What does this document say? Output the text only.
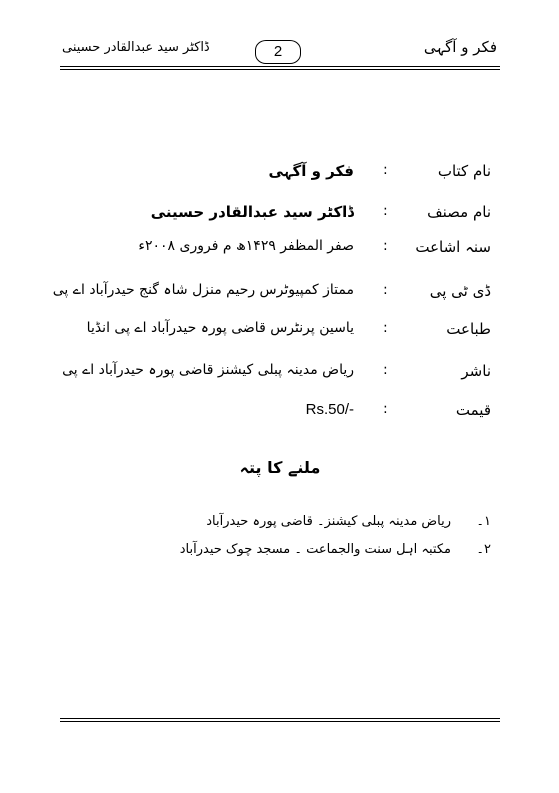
ڈاکٹر سید عبدالقادر حسینی	2	فکر و آگہی
نام کتاب
:
فکر و آگہی
نام مصنف
:
ڈاکٹر سید عبدالقادر حسینی
سنہ اشاعت
:
صفر المظفر ۱۴۲۹ھ م فروری ۲۰۰۸ء
ڈی ٹی پی
:
ممتاز کمپیوٹرس رحیم منزل شاہ گنج حیدرآباد اے پی
طباعت
:
یاسین پرنٹرس قاضی پورہ حیدرآباد اے پی انڈیا
ناشر
:
ریاض مدینہ پبلی کیشنز قاضی پورہ حیدرآباد اے پی
قیمت
:
Rs.50/-
ملنے کا پتہ
۱۔
ریاض مدینہ پبلی کیشنز۔ قاضی پورہ حیدرآباد
۲۔
مکتبہ اہل سنت والجماعت ۔ مسجد چوک حیدرآباد
